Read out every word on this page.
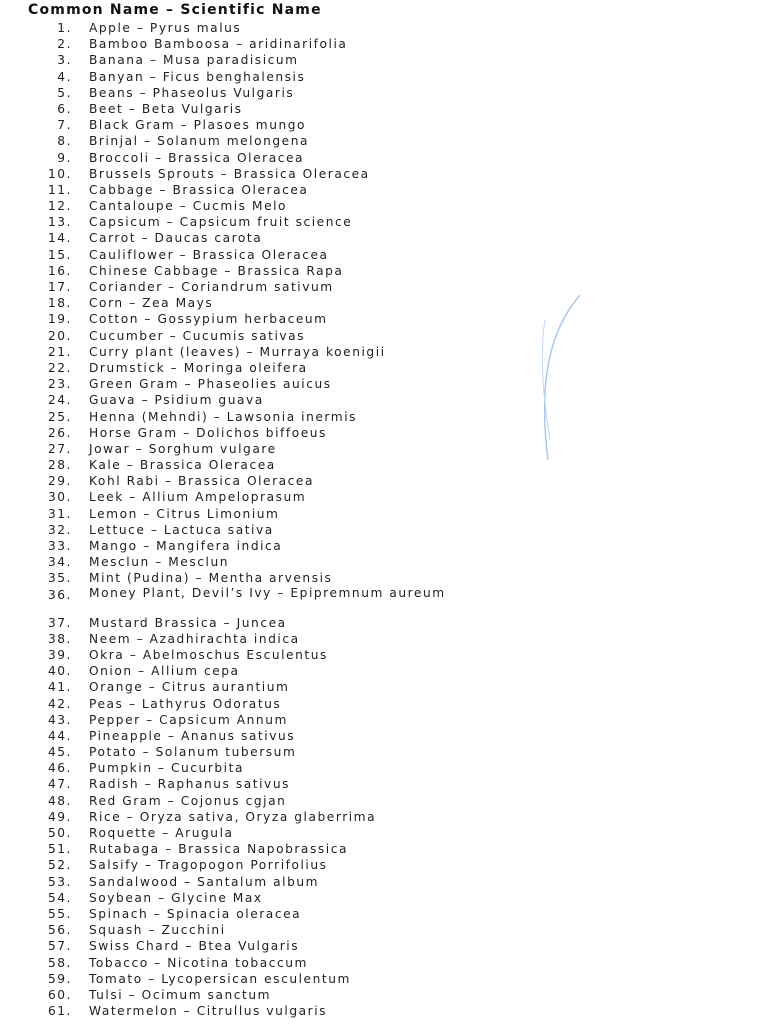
Common Name – Scientific Name
1. Apple – Pyrus malus
2. Bamboo Bamboosa – aridinarifolia
3. Banana – Musa paradisicum
4. Banyan – Ficus benghalensis
5. Beans – Phaseolus Vulgaris
6. Beet – Beta Vulgaris
7. Black Gram – Plasoes mungo
8. Brinjal – Solanum melongena
9. Broccoli – Brassica Oleracea
10. Brussels Sprouts – Brassica Oleracea
11. Cabbage – Brassica Oleracea
12. Cantaloupe – Cucmis Melo
13. Capsicum – Capsicum fruit science
14. Carrot – Daucas carota
15. Cauliflower – Brassica Oleracea
16. Chinese Cabbage – Brassica Rapa
17. Coriander – Coriandrum sativum
18. Corn – Zea Mays
19. Cotton – Gossypium herbaceum
20. Cucumber – Cucumis sativas
21. Curry plant (leaves) – Murraya koenigii
22. Drumstick – Moringa oleifera
23. Green Gram – Phaseolies auicus
24. Guava – Psidium guava
25. Henna (Mehndi) – Lawsonia inermis
26. Horse Gram – Dolichos biffoeus
27. Jowar – Sorghum vulgare
28. Kale – Brassica Oleracea
29. Kohl Rabi – Brassica Oleracea
30. Leek – Allium Ampeloprasum
31. Lemon – Citrus Limonium
32. Lettuce – Lactuca sativa
33. Mango – Mangifera indica
34. Mesclun – Mesclun
35. Mint (Pudina) – Mentha arvensis
36. Money Plant, Devil’s Ivy – Epipremnum aureum
37. Mustard Brassica – Juncea
38. Neem – Azadhirachta indica
39. Okra – Abelmoschus Esculentus
40. Onion – Allium cepa
41. Orange – Citrus aurantium
42. Peas – Lathyrus Odoratus
43. Pepper – Capsicum Annum
44. Pineapple – Ananus sativus
45. Potato – Solanum tubersum
46. Pumpkin – Cucurbita
47. Radish – Raphanus sativus
48. Red Gram – Cojonus cgjan
49. Rice – Oryza sativa, Oryza glaberrima
50. Roquette – Arugula
51. Rutabaga – Brassica Napobrassica
52. Salsify – Tragopogon Porrifolius
53. Sandalwood – Santalum album
54. Soybean – Glycine Max
55. Spinach – Spinacia oleracea
56. Squash – Zucchini
57. Swiss Chard – Btea Vulgaris
58. Tobacco – Nicotina tobaccum
59. Tomato – Lycopersican esculentum
60. Tulsi – Ocimum sanctum
61. Watermelon – Citrullus vulgaris
